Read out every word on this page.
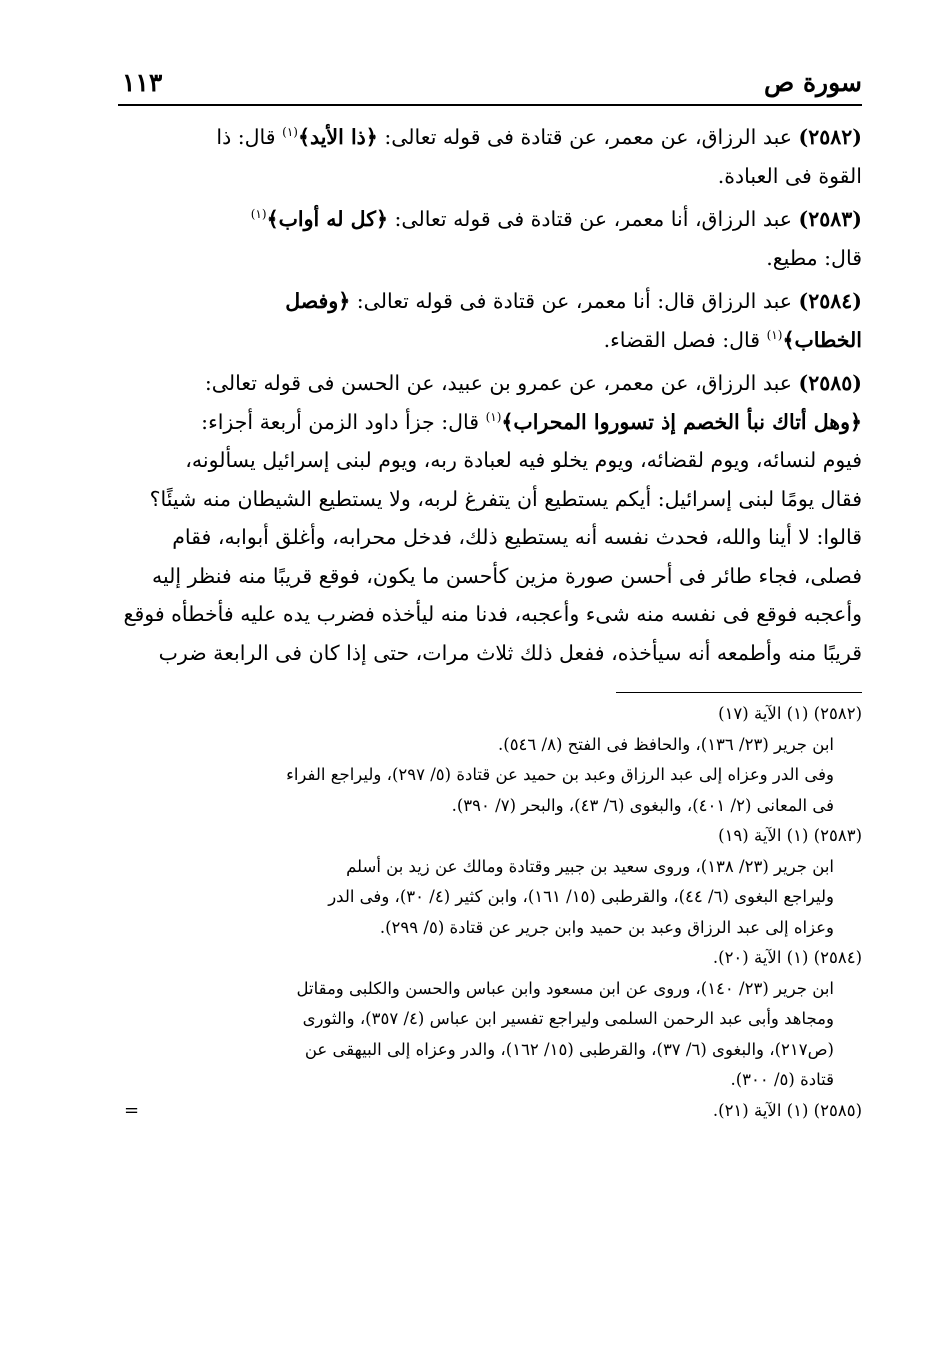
سورة ص
١١٣

(٢٥٨٢) عبد الرزاق، عن معمر، عن قتادة فى قوله تعالى: ﴿ذا الأيد﴾$^{(١)}$ قال: ذا
القوة فى العبادة.

(٢٥٨٣) عبد الرزاق، أنا معمر، عن قتادة فى قوله تعالى: ﴿كل له أواب﴾$^{(١)}$
قال: مطيع.

(٢٥٨٤) عبد الرزاق قال: أنا معمر، عن قتادة فى قوله تعالى: ﴿وفصل
الخطاب﴾$^{(١)}$ قال: فصل القضاء.

(٢٥٨٥) عبد الرزاق، عن معمر، عن عمرو بن عبيد، عن الحسن فى قوله تعالى:
﴿وهل أتاك نبأ الخصم إذ تسوروا المحراب﴾$^{(١)}$ قال: جزأ داود الزمن أربعة أجزاء:
فيوم لنسائه، ويوم لقضائه، ويوم يخلو فيه لعبادة ربه، ويوم لبنى إسرائيل يسألونه،
فقال يومًا لبنى إسرائيل: أيكم يستطيع أن يتفرغ لربه، ولا يستطيع الشيطان منه شيئًا؟
قالوا: لا أينا والله، فحدث نفسه أنه يستطيع ذلك، فدخل محرابه، وأغلق أبوابه، فقام
فصلى، فجاء طائر فى أحسن صورة مزين كأحسن ما يكون، فوقع قريبًا منه فنظر إليه
وأعجبه فوقع فى نفسه منه شىء وأعجبه، فدنا منه ليأخذه فضرب يده عليه فأخطأه فوقع
قريبًا منه وأطمعه أنه سيأخذه، ففعل ذلك ثلاث مرات، حتى إذا كان فى الرابعة ضرب

(٢٥٨٢) (١) الآية (١٧)
ابن جرير (٢٣/ ١٣٦)، والحافظ فى الفتح (٨/ ٥٤٦).
وفى الدر وعزاه إلى عبد الرزاق وعبد بن حميد عن قتادة (٥/ ٢٩٧)، وليراجع الفراء
فى المعانى (٢/ ٤٠١)، والبغوى (٦/ ٤٣)، والبحر (٧/ ٣٩٠).
(٢٥٨٣) (١) الآية (١٩)
ابن جرير (٢٣/ ١٣٨)، وروى سعيد بن جبير وقتادة ومالك عن زيد بن أسلم
وليراجع البغوى (٦/ ٤٤)، والقرطبى (١٥/ ١٦١)، وابن كثير (٤/ ٣٠)، وفى الدر
وعزاه إلى عبد الرزاق وعبد بن حميد وابن جرير عن قتادة (٥/ ٢٩٩).
(٢٥٨٤) (١) الآية (٢٠).
ابن جرير (٢٣/ ١٤٠)، وروى عن ابن مسعود وابن عباس والحسن والكلبى ومقاتل
ومجاهد وأبى عبد الرحمن السلمى وليراجع تفسير ابن عباس (٤/ ٣٥٧)، والثورى
(ص٢١٧)، والبغوى (٦/ ٣٧)، والقرطبى (١٥/ ١٦٢)، والدر وعزاه إلى البيهقى عن
قتادة (٥/ ٣٠٠).
(٢٥٨٥) (١) الآية (٢١).
=
